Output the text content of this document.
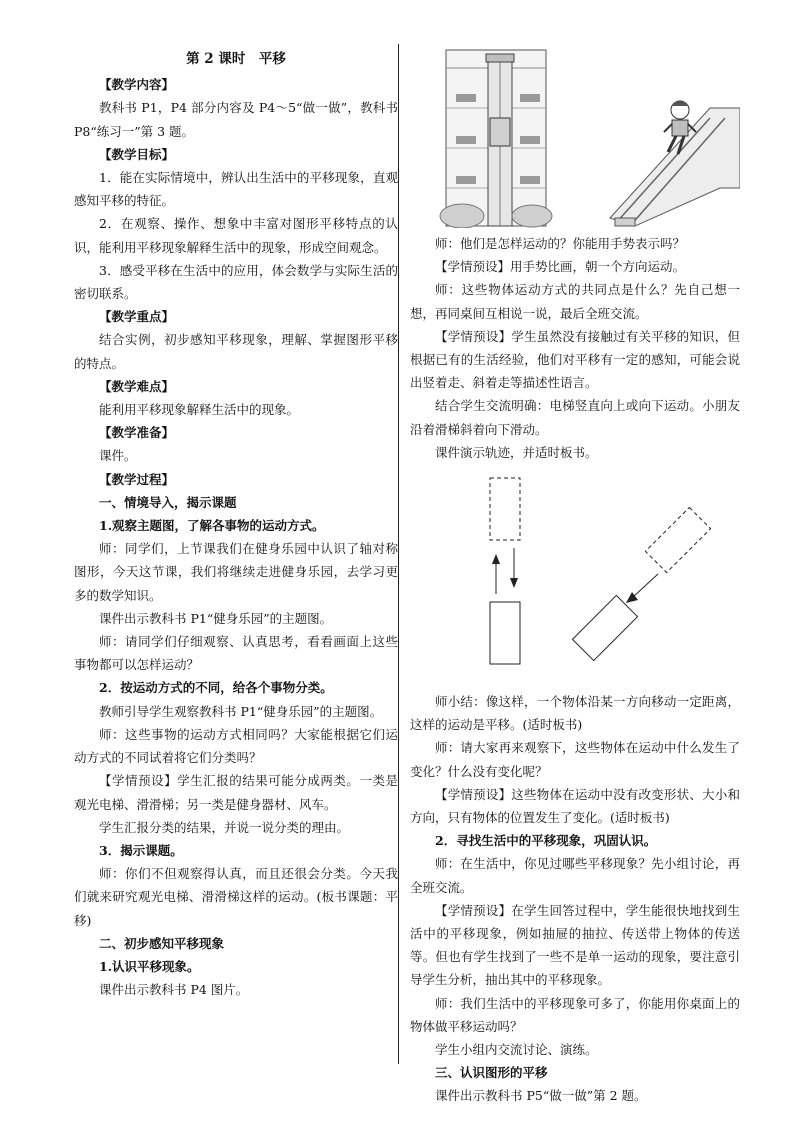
第 2 课时　平移

【教学内容】

教科书 P1，P4 部分内容及 P4～5“做一做”，教科书 P8“练习一”第 3 题。

【教学目标】

1．能在实际情境中，辨认出生活中的平移现象，直观感知平移的特征。

2．在观察、操作、想象中丰富对图形平移特点的认识，能利用平移现象解释生活中的现象，形成空间观念。

3．感受平移在生活中的应用，体会数学与实际生活的密切联系。

【教学重点】

结合实例，初步感知平移现象，理解、掌握图形平移的特点。

【教学难点】

能利用平移现象解释生活中的现象。

【教学准备】

课件。

【教学过程】

一、情境导入，揭示课题

1.观察主题图，了解各事物的运动方式。

师：同学们，上节课我们在健身乐园中认识了轴对称图形，今天这节课，我们将继续走进健身乐园，去学习更多的数学知识。

课件出示教科书 P1“健身乐园”的主题图。

师：请同学们仔细观察、认真思考，看看画面上这些事物都可以怎样运动？

2．按运动方式的不同，给各个事物分类。

教师引导学生观察教科书 P1“健身乐园”的主题图。

师：这些事物的运动方式相同吗？大家能根据它们运动方式的不同试着将它们分类吗？

【学情预设】学生汇报的结果可能分成两类。一类是观光电梯、滑滑梯；另一类是健身器材、风车。

学生汇报分类的结果，并说一说分类的理由。

3．揭示课题。

师：你们不但观察得认真，而且还很会分类。今天我们就来研究观光电梯、滑滑梯这样的运动。(板书课题：平移)

二、初步感知平移现象

1.认识平移现象。

课件出示教科书 P4 图片。

师：他们是怎样运动的？你能用手势表示吗？

【学情预设】用手势比画，朝一个方向运动。

师：这些物体运动方式的共同点是什么？先自己想一想，再同桌间互相说一说，最后全班交流。

【学情预设】学生虽然没有接触过有关平移的知识，但根据已有的生活经验，他们对平移有一定的感知，可能会说出竖着走、斜着走等描述性语言。

结合学生交流明确：电梯竖直向上或向下运动。小朋友沿着滑梯斜着向下滑动。

课件演示轨迹，并适时板书。

师小结：像这样，一个物体沿某一方向移动一定距离，这样的运动是平移。(适时板书)

师：请大家再来观察下，这些物体在运动中什么发生了变化？什么没有变化呢？

【学情预设】这些物体在运动中没有改变形状、大小和方向，只有物体的位置发生了变化。(适时板书)

2．寻找生活中的平移现象，巩固认识。

师：在生活中，你见过哪些平移现象？先小组讨论，再全班交流。

【学情预设】在学生回答过程中，学生能很快地找到生活中的平移现象，例如抽屉的抽拉、传送带上物体的传送等。但也有学生找到了一些不是单一运动的现象，要注意引导学生分析，抽出其中的平移现象。

师：我们生活中的平移现象可多了，你能用你桌面上的物体做平移运动吗？

学生小组内交流讨论、演练。

三、认识图形的平移

课件出示教科书 P5“做一做”第 2 题。
